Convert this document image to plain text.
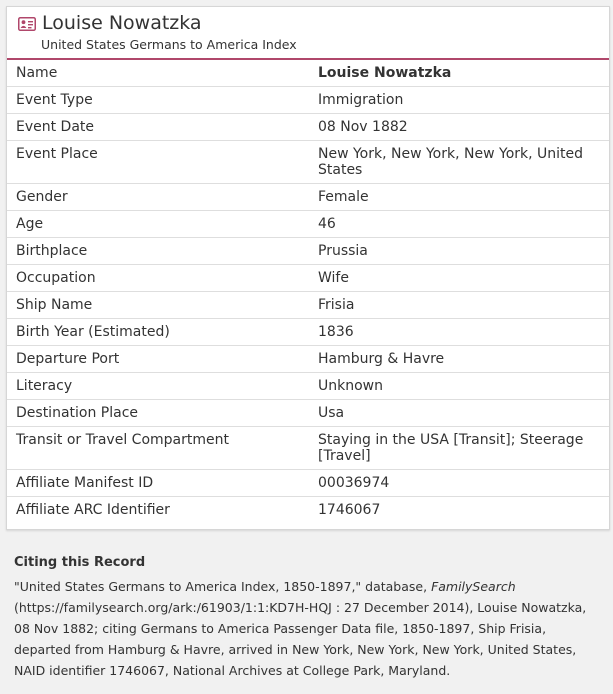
Louise Nowatzka
United States Germans to America Index
Name	Louise Nowatzka
Event Type	Immigration
Event Date	08 Nov 1882
Event Place	New York, New York, New York, United States
Gender	Female
Age	46
Birthplace	Prussia
Occupation	Wife
Ship Name	Frisia
Birth Year (Estimated)	1836
Departure Port	Hamburg & Havre
Literacy	Unknown
Destination Place	Usa
Transit or Travel Compartment	Staying in the USA [Transit]; Steerage [Travel]
Affiliate Manifest ID	00036974
Affiliate ARC Identifier	1746067
Citing this Record

"United States Germans to America Index, 1850-1897," database, FamilySearch (https://familysearch.org/ark:/61903/1:1:KD7H-HQJ : 27 December 2014), Louise Nowatzka, 08 Nov 1882; citing Germans to America Passenger Data file, 1850-1897, Ship Frisia, departed from Hamburg & Havre, arrived in New York, New York, New York, United States, NAID identifier 1746067, National Archives at College Park, Maryland.
